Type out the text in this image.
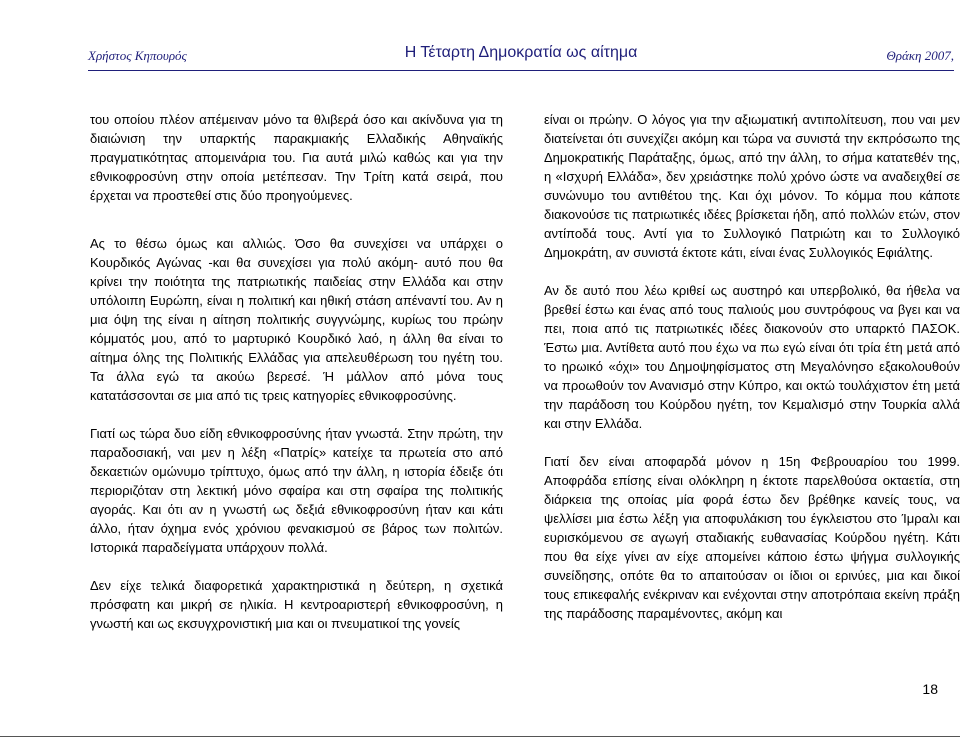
Χρήστος Κηπουρός	Η Τέταρτη Δημοκρατία ως αίτημα	Θράκη 2007,

του οποίου πλέον απέμειναν μόνο τα θλιβερά όσο και ακίνδυνα για τη διαιώνιση την υπαρκτής παρακμιακής Ελλαδικής Αθηναϊκής πραγματικότητας απομεινάρια του. Για αυτά μιλώ καθώς και για την εθνικοφροσύνη στην οποία μετέπεσαν. Την Τρίτη κατά σειρά, που έρχεται να προστεθεί στις δύο προηγούμενες.

Ας το θέσω όμως και αλλιώς. Όσο θα συνεχίσει να υπάρχει ο Κουρδικός Αγώνας -και θα συνεχίσει για πολύ ακόμη- αυτό που θα κρίνει την ποιότητα της πατριωτικής παιδείας στην Ελλάδα και στην υπόλοιπη Ευρώπη, είναι η πολιτική και ηθική στάση απέναντί του. Αν η μια όψη της είναι η αίτηση πολιτικής συγγνώμης, κυρίως του πρώην κόμματός μου, από το μαρτυρικό Κουρδικό λαό, η άλλη θα είναι το αίτημα όλης της Πολιτικής Ελλάδας για απελευθέρωση του ηγέτη του. Τα άλλα εγώ τα ακούω βερεσέ. Ή μάλλον από μόνα τους κατατάσσονται σε μια από τις τρεις κατηγορίες εθνικοφροσύνης.

Γιατί ως τώρα δυο είδη εθνικοφροσύνης ήταν γνωστά. Στην πρώτη, την παραδοσιακή, ναι μεν η λέξη «Πατρίς» κατείχε τα πρωτεία στο από δεκαετιών ομώνυμο τρίπτυχο, όμως από την άλλη, η ιστορία έδειξε ότι περιοριζόταν στη λεκτική μόνο σφαίρα και στη σφαίρα της πολιτικής αγοράς. Και ότι αν η γνωστή ως δεξιά εθνικοφροσύνη ήταν και κάτι άλλο, ήταν όχημα ενός χρόνιου φενακισμού σε βάρος των πολιτών. Ιστορικά παραδείγματα υπάρχουν πολλά.

Δεν είχε τελικά διαφορετικά χαρακτηριστικά η δεύτερη, η σχετικά πρόσφατη και μικρή σε ηλικία. Η κεντροαριστερή εθνικοφροσύνη, η γνωστή και ως εκσυγχρονιστική μια και οι πνευματικοί της γονείς

είναι οι πρώην. Ο λόγος για την αξιωματική αντιπολίτευση, που ναι μεν διατείνεται ότι συνεχίζει ακόμη και τώρα να συνιστά την εκπρόσωπο της Δημοκρατικής Παράταξης, όμως, από την άλλη, το σήμα κατατεθέν της, η «Ισχυρή Ελλάδα», δεν χρειάστηκε πολύ χρόνο ώστε να αναδειχθεί σε συνώνυμο του αντιθέτου της. Και όχι μόνον. Το κόμμα που κάποτε διακονούσε τις πατριωτικές ιδέες βρίσκεται ήδη, από πολλών ετών, στον αντίποδά τους. Αντί για το Συλλογικό Πατριώτη και το Συλλογικό Δημοκράτη, αν συνιστά έκτοτε κάτι, είναι ένας Συλλογικός Εφιάλτης.

Αν δε αυτό που λέω κριθεί ως αυστηρό και υπερβολικό, θα ήθελα να βρεθεί έστω και ένας από τους παλιούς μου συντρόφους να βγει και να πει, ποια από τις πατριωτικές ιδέες διακονούν στο υπαρκτό ΠΑΣΟΚ. Έστω μια. Αντίθετα αυτό που έχω να πω εγώ είναι ότι τρία έτη μετά από το ηρωικό «όχι» του Δημοψηφίσματος στη Μεγαλόνησο εξακολουθούν να προωθούν τον Ανανισμό στην Κύπρο, και οκτώ τουλάχιστον έτη μετά την παράδοση του Κούρδου ηγέτη, τον Κεμαλισμό στην Τουρκία αλλά και στην Ελλάδα.

Γιατί δεν είναι αποφαρδά μόνον η 15η Φεβρουαρίου του 1999. Αποφράδα επίσης είναι ολόκληρη η έκτοτε παρελθούσα οκταετία, στη διάρκεια της οποίας μία φορά έστω δεν βρέθηκε κανείς τους, να ψελλίσει μια έστω λέξη για αποφυλάκιση του έγκλειστου στο Ίμραλι και ευρισκόμενου σε αγωγή σταδιακής ευθανασίας Κούρδου ηγέτη. Κάτι που θα είχε γίνει αν είχε απομείνει κάποιο έστω ψήγμα συλλογικής συνείδησης, οπότε θα το απαιτούσαν οι ίδιοι οι ερινύες, μια και δικοί τους επικεφαλής ενέκριναν και ενέχονται στην αποτρόπαια εκείνη πράξη της παράδοσης παραμένοντες, ακόμη και

18
